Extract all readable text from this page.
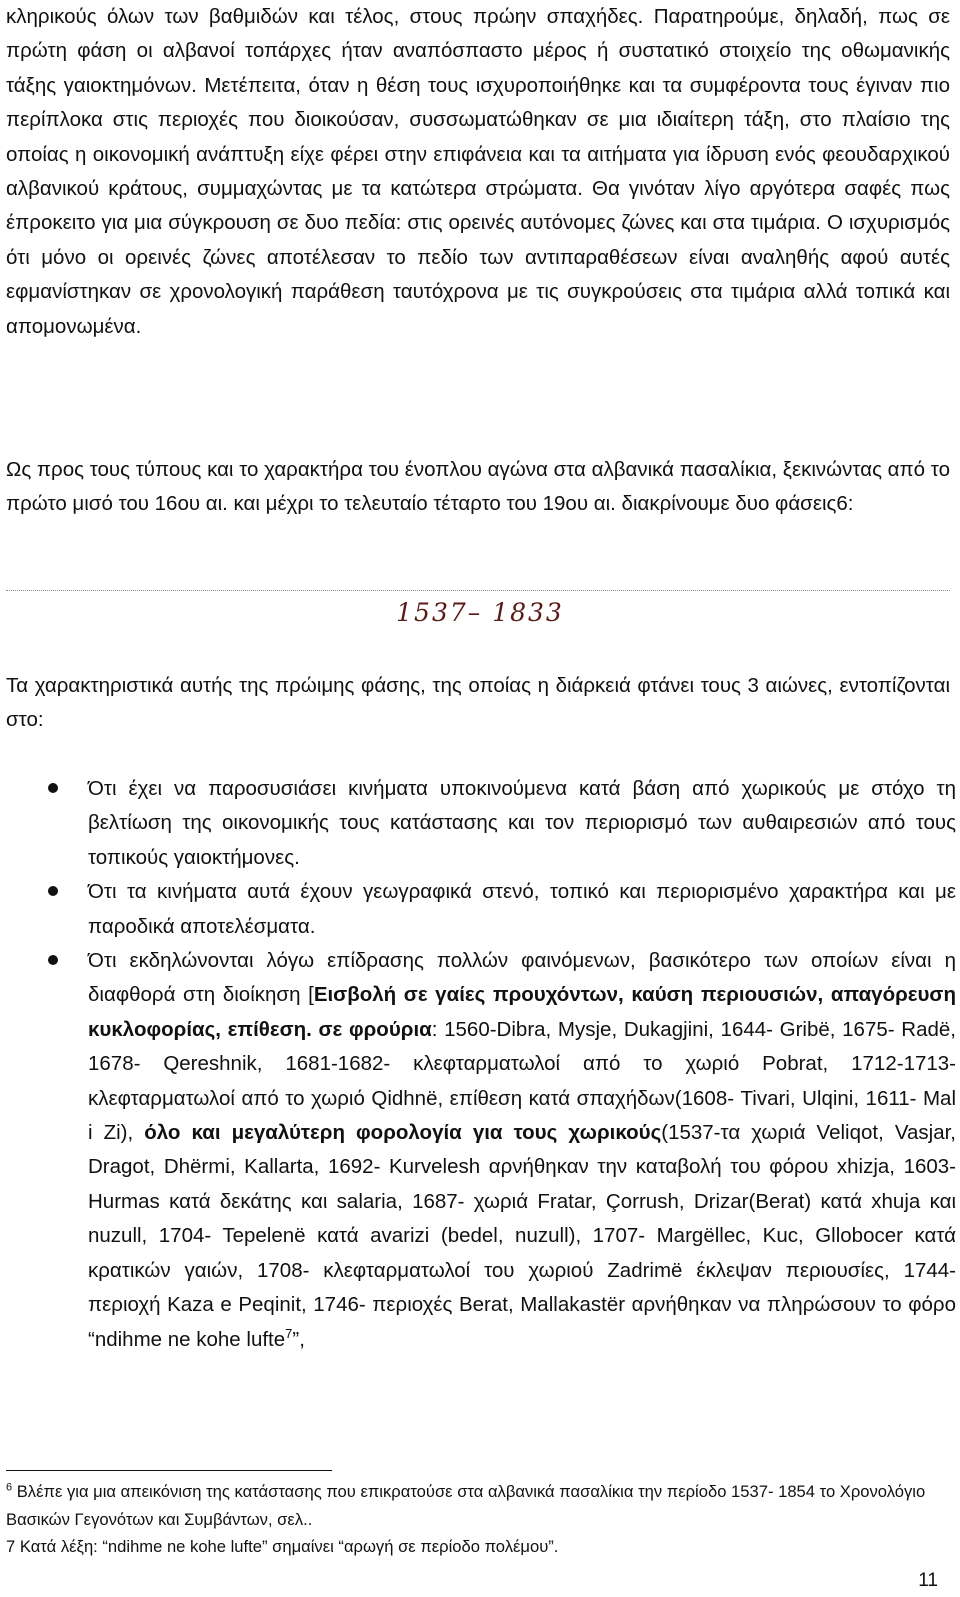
κληρικούς όλων των βαθμιδών και τέλος, στους πρώην σπαχήδες. Παρατηρούμε, δηλαδή, πως σε πρώτη φάση οι αλβανοί τοπάρχες ήταν αναπόσπαστο μέρος ή συστατικό στοιχείο της οθωμανικής τάξης γαιοκτημόνων. Μετέπειτα, όταν η θέση τους ισχυροποιήθηκε και τα συμφέροντα τους έγιναν πιο περίπλοκα στις περιοχές που διοικούσαν, συσσωματώθηκαν σε μια ιδιαίτερη τάξη, στο πλαίσιο της οποίας η οικονομική ανάπτυξη είχε φέρει στην επιφάνεια και τα αιτήματα για ίδρυση ενός φεουδαρχικού αλβανικού κράτους, συμμαχώντας με τα κατώτερα στρώματα. Θα γινόταν λίγο αργότερα σαφές πως έπροκειτο για μια σύγκρουση σε δυο πεδία: στις ορεινές αυτόνομες ζώνες και στα τιμάρια. Ο ισχυρισμός ότι μόνο οι ορεινές ζώνες αποτέλεσαν το πεδίο των αντιπαραθέσεων είναι αναληθής αφού αυτές εφμανίστηκαν σε χρονολογική παράθεση ταυτόχρονα με τις συγκρούσεις στα τιμάρια αλλά τοπικά και απομονωμένα.

Ως προς τους τύπους και το χαρακτήρα του ένοπλου αγώνα στα αλβανικά πασαλίκια, ξεκινώντας από το πρώτο μισό του 16ου αι. και μέχρι το τελευταίο τέταρτο του 19ου αι. διακρίνουμε δυο φάσεις6:

1537– 1833

Τα χαρακτηριστικά αυτής της πρώιμης φάσης, της οποίας η διάρκειά φτάνει τους 3 αιώνες, εντοπίζονται στο:

Ότι έχει να παροσυσιάσει κινήματα υποκινούμενα κατά βάση από χωρικούς με στόχο τη βελτίωση της οικονομικής τους κατάστασης και τον περιορισμό των αυθαιρεσιών από τους τοπικούς γαιοκτήμονες.
Ότι τα κινήματα αυτά έχουν γεωγραφικά στενό, τοπικό και περιορισμένο χαρακτήρα και με παροδικά αποτελέσματα.
Ότι εκδηλώνονται λόγω επίδρασης πολλών φαινόμενων, βασικότερο των οποίων είναι η διαφθορά στη διοίκηση [Εισβολή σε γαίες προυχόντων, καύση περιουσιών, απαγόρευση κυκλοφορίας, επίθεση. σε φρούρια: 1560-Dibra, Mysje, Dukagjini, 1644- Gribë, 1675- Radë, 1678- Qereshnik, 1681-1682- κλεφταρματωλοί από το χωριό Pobrat, 1712-1713- κλεφταρματωλοί από το χωριό Qidhnë, επίθεση κατά σπαχήδων(1608- Tivari, Ulqini, 1611- Mal i Zi), όλο και μεγαλύτερη φορολογία για τους χωρικούς(1537-τα χωριά Veliqot, Vasjar, Dragot, Dhërmi, Kallarta, 1692- Kurvelesh αρνήθηκαν την καταβολή του φόρου xhizja, 1603- Hurmas κατά δεκάτης και salaria, 1687- χωριά Fratar, Çorrush, Drizar(Berat) κατά xhuja και nuzull, 1704- Tepelenë κατά avarizi (bedel, nuzull), 1707- Margëllec, Kuc, Gllobocer κατά κρατικών γαιών, 1708- κλεφταρματωλοί του χωριού Zadrimë έκλεψαν περιουσίες, 1744- περιοχή Kaza e Peqinit, 1746- περιοχές Berat, Mallakastër αρνήθηκαν να πληρώσουν το φόρο “ndihme ne kohe lufte$^7$”,

$^6$ Βλέπε για μια απεικόνιση της κατάστασης που επικρατούσε στα αλβανικά πασαλίκια την περίοδο 1537- 1854 το Χρονολόγιο Βασικών Γεγονότων και Συμβάντων, σελ..

7 Κατά λέξη: “ndihme ne kohe lufte” σημαίνει “αρωγή σε περίοδο πολέμου”.

11
